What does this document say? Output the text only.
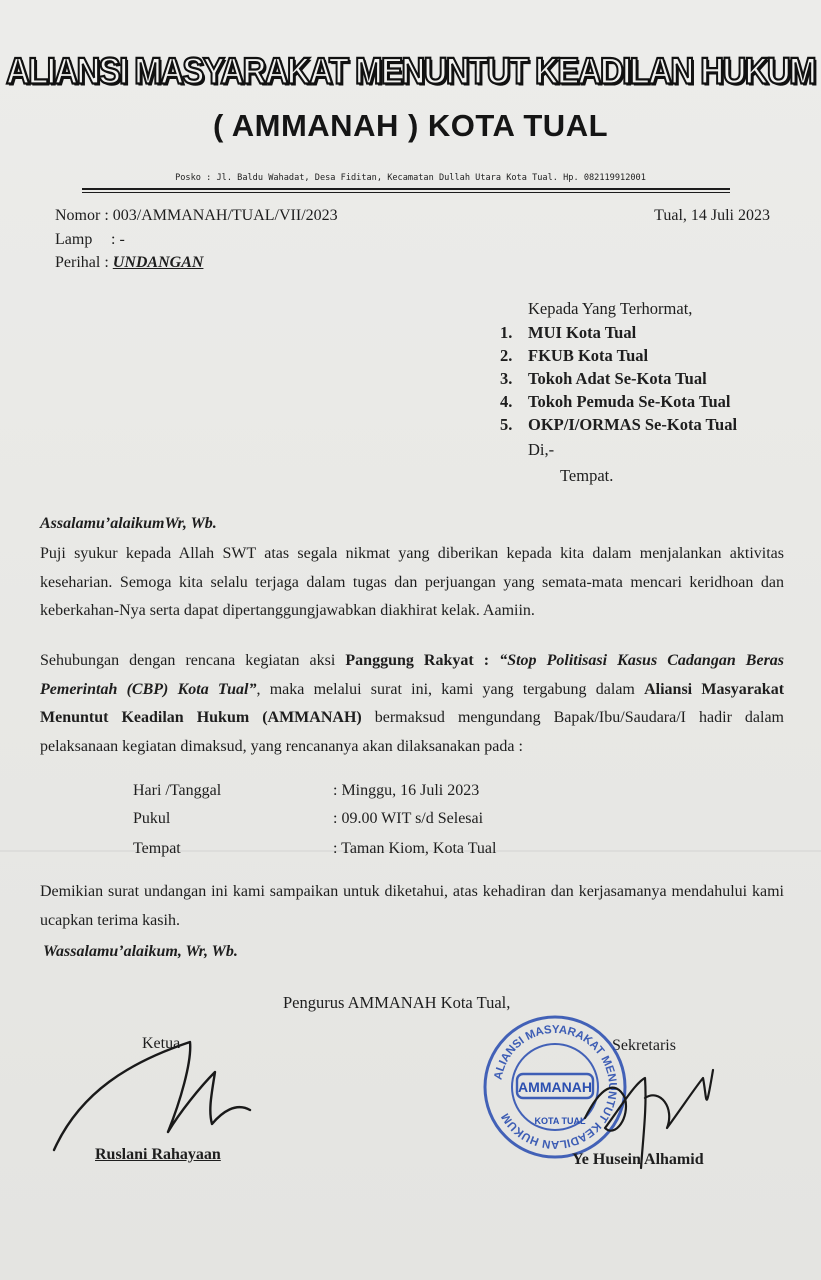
ALIANSI MASYARAKAT MENUNTUT KEADILAN HUKUM
( AMMANAH ) KOTA TUAL
Posko : Jl. Baldu Wahadat, Desa Fiditan, Kecamatan Dullah Utara Kota Tual. Hp. 082119912001
Nomor : 003/AMMANAH/TUAL/VII/2023	Tual, 14 Juli 2023
Lamp : -
Perihal : UNDANGAN
Kepada Yang Terhormat,
1. MUI Kota Tual
2. FKUB Kota Tual
3. Tokoh Adat Se-Kota Tual
4. Tokoh Pemuda Se-Kota Tual
5. OKP/I/ORMAS Se-Kota Tual
Di,-
Tempat.
Assalamu’alaikumWr, Wb.
Puji syukur kepada Allah SWT atas segala nikmat yang diberikan kepada kita dalam menjalankan aktivitas keseharian. Semoga kita selalu terjaga dalam tugas dan perjuangan yang semata-mata mencari keridhoan dan keberkahan-Nya serta dapat dipertanggungjawabkan diakhirat kelak. Aamiin.
Sehubungan dengan rencana kegiatan aksi Panggung Rakyat : “Stop Politisasi Kasus Cadangan Beras Pemerintah (CBP) Kota Tual”, maka melalui surat ini, kami yang tergabung dalam Aliansi Masyarakat Menuntut Keadilan Hukum (AMMANAH) bermaksud mengundang Bapak/Ibu/Saudara/I hadir dalam pelaksanaan kegiatan dimaksud, yang rencananya akan dilaksanakan pada :
Hari /Tanggal	: Minggu, 16 Juli 2023
Pukul	: 09.00 WIT s/d Selesai
Tempat	: Taman Kiom, Kota Tual
Demikian surat undangan ini kami sampaikan untuk diketahui, atas kehadiran dan kerjasamanya mendahului kami ucapkan terima kasih.
Wassalamu’alaikum, Wr, Wb.
Pengurus AMMANAH Kota Tual,
Ketua	Sekretaris
Ruslani Rahayaan
ALIANSI MASYARAKAT MENUNTUT KEADILAN HUKUM
AMMANAH
KOTA TUAL
Ye Husein Alhamid
